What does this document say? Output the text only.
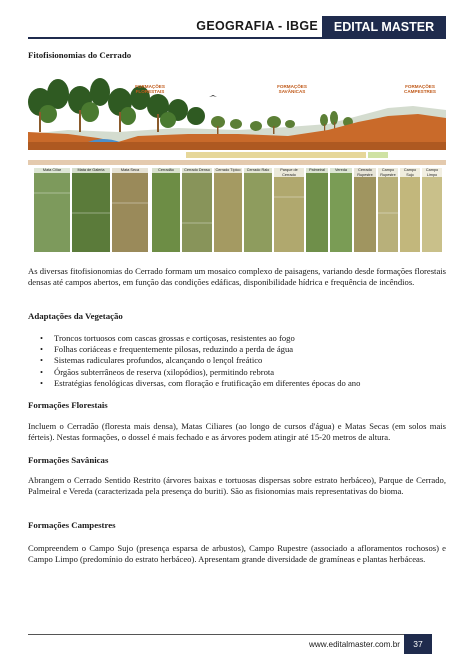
GEOGRAFIA - IBGE	EDITAL MASTER
Fitofisionomias do Cerrado
FORMAÇÕES FLORESTAIS
FORMAÇÕES SAVÂNICAS
FORMAÇÕES CAMPESTRES
Mata Ciliar	Mata de Galeria	Mata Seca	Cerradão	Cerrado Denso	Cerrado Típico	Cerrado Ralo	Parque de Cerrado
Palmeiral	Vereda	Cerrado Rupestre
Campo Rupestre
Campo Sujo
Campo Limpo

As diversas fitofisionomias do Cerrado formam um mosaico complexo de paisagens, variando desde formações florestais densas até campos abertos, em função das condições edáficas, disponibilidade hídrica e frequência de incêndios.

Adaptações da Vegetação
• Troncos tortuosos com cascas grossas e cortiçosas, resistentes ao fogo
• Folhas coriáceas e frequentemente pilosas, reduzindo a perda de água
• Sistemas radiculares profundos, alcançando o lençol freático
• Órgãos subterrâneos de reserva (xilopódios), permitindo rebrota
• Estratégias fenológicas diversas, com floração e frutificação em diferentes épocas do ano
Formações Florestais

Incluem o Cerradão (floresta mais densa), Matas Ciliares (ao longo de cursos d'água) e Matas Secas (em solos mais férteis). Nestas formações, o dossel é mais fechado e as árvores podem atingir até 15-20 metros de altura.

Formações Savânicas

Abrangem o Cerrado Sentido Restrito (árvores baixas e tortuosas dispersas sobre estrato herbáceo), Parque de Cerrado, Palmeiral e Vereda (caracterizada pela presença do buriti). São as fisionomias mais representativas do bioma.

Formações Campestres

Compreendem o Campo Sujo (presença esparsa de arbustos), Campo Rupestre (associado a afloramentos rochosos) e Campo Limpo (predomínio do estrato herbáceo). Apresentam grande diversidade de gramíneas e plantas herbáceas.

www.editalmaster.com.br	37
